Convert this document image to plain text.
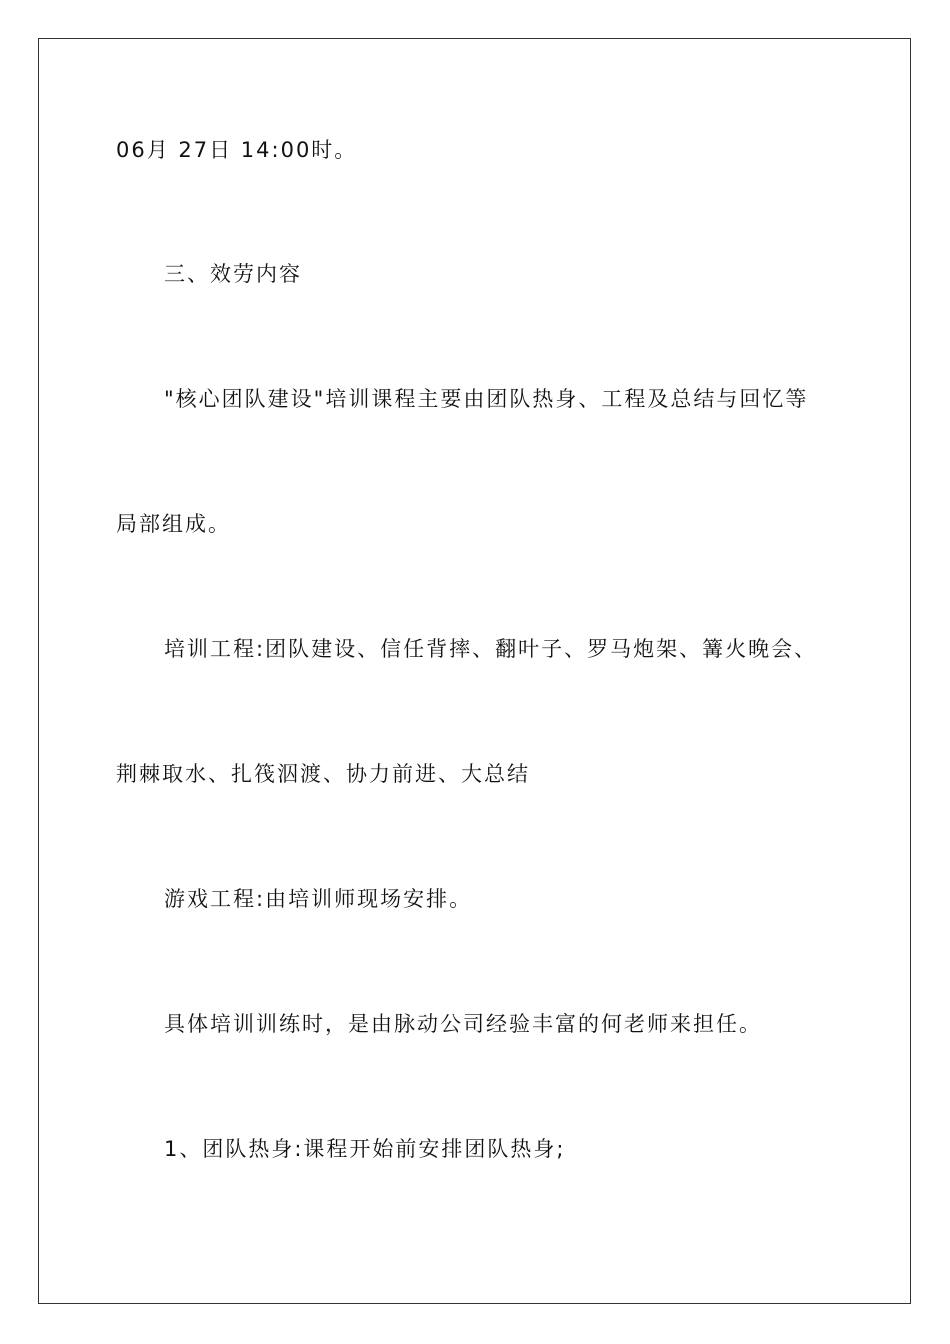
06月 27日 14:00时。
三、效劳内容
"核心团队建设"培训课程主要由团队热身、工程及总结与回忆等
局部组成。
培训工程:团队建设、信任背摔、翻叶子、罗马炮架、篝火晚会、
荆棘取水、扎筏泅渡、协力前进、大总结
游戏工程:由培训师现场安排。
具体培训训练时，是由脉动公司经验丰富的何老师来担任。
1、团队热身:课程开始前安排团队热身;
